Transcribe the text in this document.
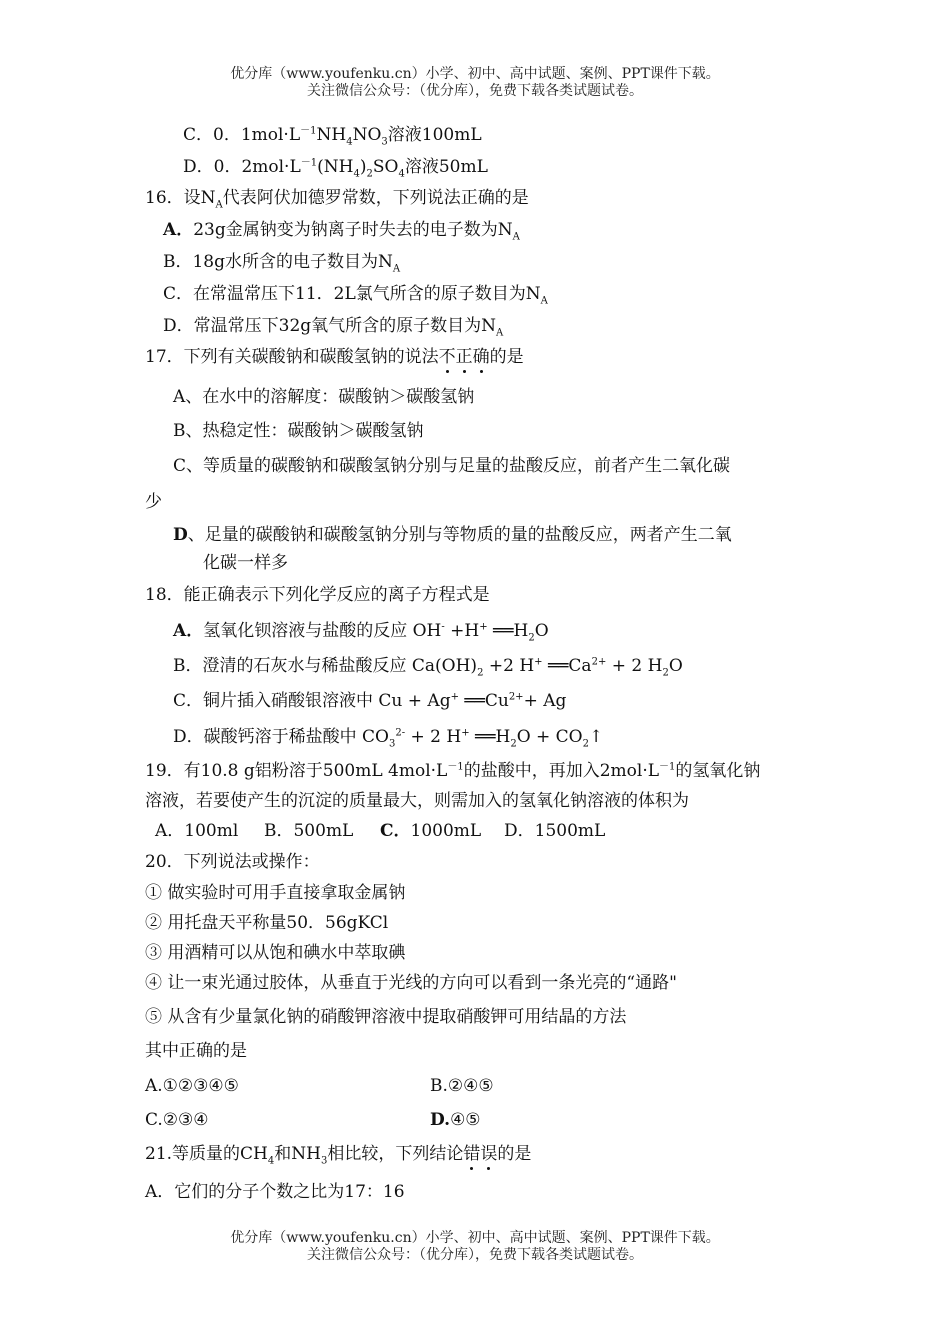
优分库（www.youfenku.cn）小学、初中、高中试题、案例、PPT课件下载。
关注微信公众号：（优分库），免费下载各类试题试卷。
C．0．$1mol\cdot L^{-1}NH_4NO_3$溶液100mL
D．0．$2mol\cdot L^{-1}(NH_4)_2SO_4$溶液50mL
16．设$N_A$代表阿伏加德罗常数，下列说法正确的是
A．23g金属钠变为钠离子时失去的电子数为$N_A$
B．18g水所含的电子数目为$N_A$
C．在常温常压下11．2L氯气所含的原子数目为$N_A$
D．常温常压下32g氧气所含的原子数目为$N_A$
17．下列有关碳酸钠和碳酸氢钠的说法不正确的是
A、在水中的溶解度：碳酸钠＞碳酸氢钠
B、热稳定性：碳酸钠＞碳酸氢钠
C、等质量的碳酸钠和碳酸氢钠分别与足量的盐酸反应，前者产生二氧化碳
少
D、足量的碳酸钠和碳酸氢钠分别与等物质的量的盐酸反应，两者产生二氧
化碳一样多
18．能正确表示下列化学反应的离子方程式是
A．氢氧化钡溶液与盐酸的反应 OH- +H+ $══H_2O$
B．澄清的石灰水与稀盐酸反应 $Ca(OH)_2 +2$ H+ $══Ca^{2+} + 2$ $H_2O$
C．铜片插入硝酸银溶液中 Cu + Ag+ $══Cu^{2+}+ Ag$
D．碳酸钙溶于稀盐酸中 $CO_3^{2-} + 2$ H+ $══H_2O$ + $CO_2↑$
19．有10.8 g铝粉溶于500mL $4mol\cdot L^{-1}$的盐酸中，再加入$2mol\cdot L^{-1}$的氢氧化钠
溶液，若要使产生的沉淀的质量最大，则需加入的氢氧化钠溶液的体积为
A．100ml B．500mL C．1000mL D．1500mL
20．下列说法或操作：
① 做实验时可用手直接拿取金属钠
② 用托盘天平称量50．56gKCl
③ 用酒精可以从饱和碘水中萃取碘
④ 让一束光通过胶体，从垂直于光线的方向可以看到一条光亮的“通路"
⑤ 从含有少量氯化钠的硝酸钾溶液中提取硝酸钾可用结晶的方法
其中正确的是
A.①②③④⑤	B.②④⑤
C.②③④	D.④⑤
21.等质量的$CH_4$和$NH_3$相比较，下列结论错误的是
A．它们的分子个数之比为17：16
优分库（www.youfenku.cn）小学、初中、高中试题、案例、PPT课件下载。
关注微信公众号：（优分库），免费下载各类试题试卷。
